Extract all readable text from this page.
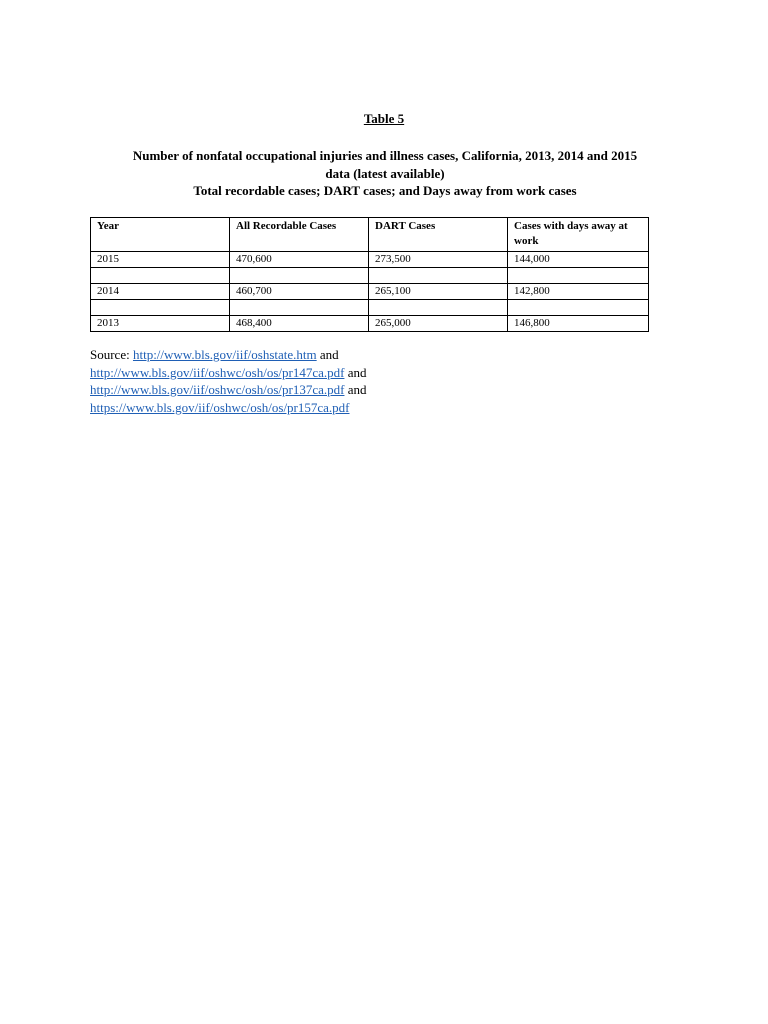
Table 5
Number of nonfatal occupational injuries and illness cases, California, 2013, 2014 and 2015
data (latest available)
Total recordable cases; DART cases; and Days away from work cases
Year	All Recordable Cases	DART Cases	Cases with days away at work
2015	470,600	273,500	144,000

2014	460,700	265,100	142,800

2013	468,400	265,000	146,800
Source: http://www.bls.gov/iif/oshstate.htm and
http://www.bls.gov/iif/oshwc/osh/os/pr147ca.pdf and
http://www.bls.gov/iif/oshwc/osh/os/pr137ca.pdf and
https://www.bls.gov/iif/oshwc/osh/os/pr157ca.pdf
